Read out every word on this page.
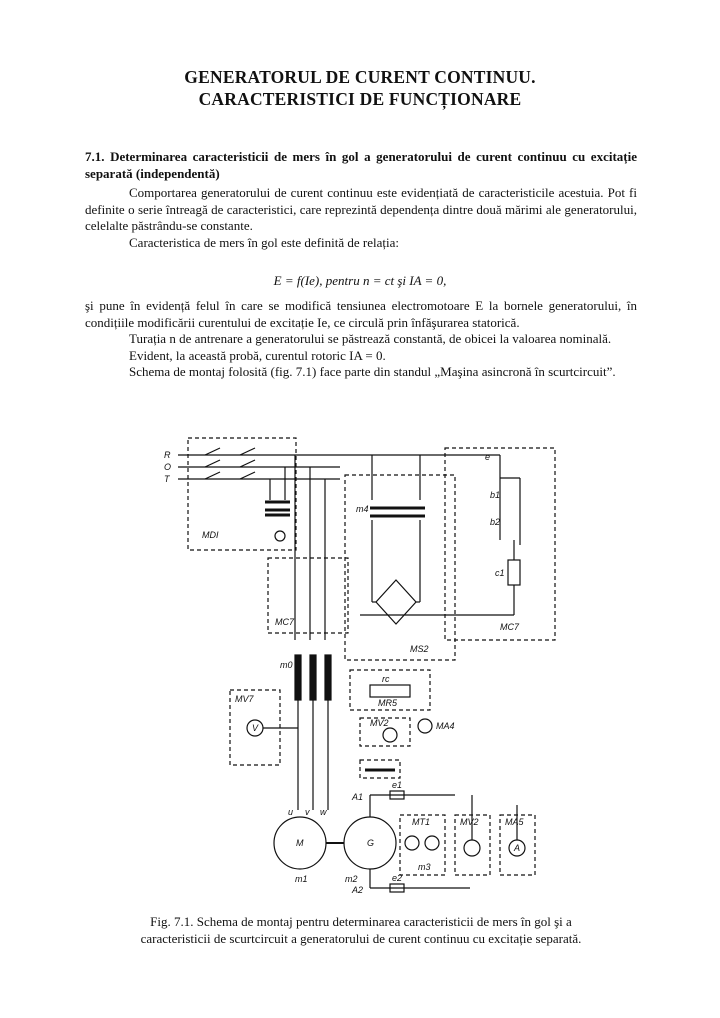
GENERATORUL DE CURENT CONTINUU.
CARACTERISTICI DE FUNCȚIONARE
7.1. Determinarea caracteristicii de mers în gol a generatorului de curent continuu cu excitație separată (independentă)

Comportarea generatorului de curent continuu este evidențiată de caracteristicile acestuia. Pot fi definite o serie întreagă de caracteristici, care reprezintă dependența dintre două mărimi ale generatorului, celelalte păstrându-se constante.

Caracteristica de mers în gol este definită de relația:

E = f(Ie), pentru n = ct şi IA = 0,

şi pune în evidență felul în care se modifică tensiunea electromotoare E la bornele generatorului, în condițiile modificării curentului de excitație Ie, ce circulă prin înfăşurarea statorică.

Turația n de antrenare a generatorului se păstrează constantă, de obicei la valoarea nominală.

Evident, la această probă, curentul rotoric IA = 0.

Schema de montaj folosită (fig. 7.1) face parte din standul „Maşina asincronă în scurtcircuit”.

R
O
T
MDI
MC7	MC7
MS2
MV7	MR5
MV2	MA4
MT1	MV2	MA5
m4
m0
m1	m2
m3
u v w
A1
A2
e1
e2
M	G
V
A
rc
e
b1
b2
c1
Fig. 7.1. Schema de montaj pentru determinarea caracteristicii de mers în gol şi a
caracteristicii de scurtcircuit a generatorului de curent continuu cu excitație separată.
